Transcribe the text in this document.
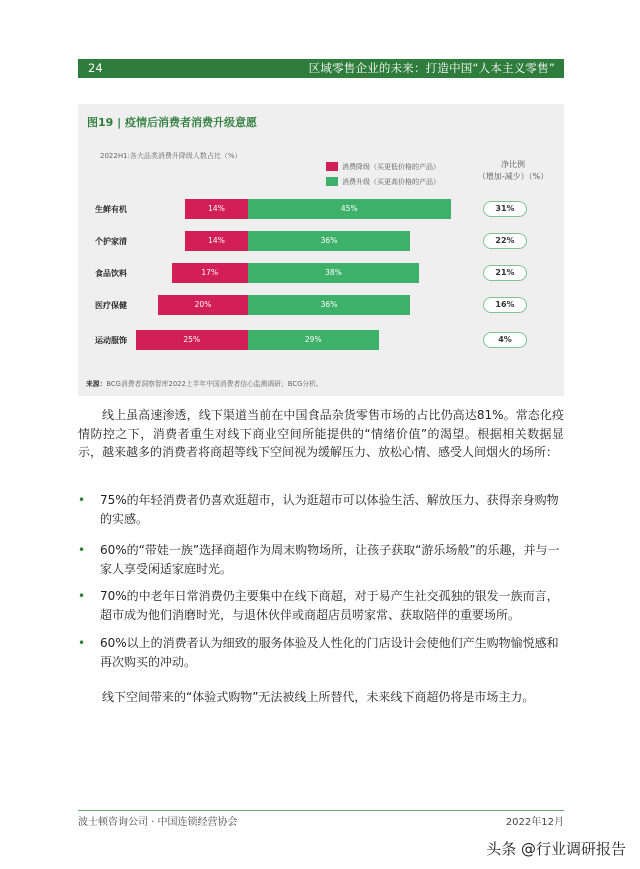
24	区域零售企业的未来：打造中国“人本主义零售”
图19 | 疫情后消费者消费升级意愿
2022H1:各大品类消费升降级人数占比（%）
消费降级（买更低价格的产品）
消费升级（买更高价格的产品）
净比例
（增加-减少）（%）
生鲜有机	14%	45%	31%
个护家清	14%	36%	22%
食品饮料	17%	38%	21%
医疗保健	20%	36%	16%
运动服饰	25%	29%	4%
来源：BCG消费者洞察智库2022上半年中国消费者信心监测调研；BCG分析。
线上虽高速渗透，线下渠道当前在中国食品杂货零售市场的占比仍高达81%。常态化疫情防控之下，消费者重生对线下商业空间所能提供的“情绪价值”的渴望。根据相关数据显示，越来越多的消费者将商超等线下空间视为缓解压力、放松心情、感受人间烟火的场所：
• 75%的年轻消费者仍喜欢逛超市，认为逛超市可以体验生活、解放压力、获得亲身购物的实感。
• 60%的“带娃一族”选择商超作为周末购物场所，让孩子获取“游乐场般”的乐趣，并与一家人享受闲适家庭时光。
• 70%的中老年日常消费仍主要集中在线下商超，对于易产生社交孤独的银发一族而言，超市成为他们消磨时光，与退休伙伴或商超店员唠家常、获取陪伴的重要场所。
• 60%以上的消费者认为细致的服务体验及人性化的门店设计会使他们产生购物愉悦感和再次购买的冲动。
线下空间带来的“体验式购物”无法被线上所替代，未来线下商超仍将是市场主力。
波士顿咨询公司 · 中国连锁经营协会	2022年12月
头条 @行业调研报告
